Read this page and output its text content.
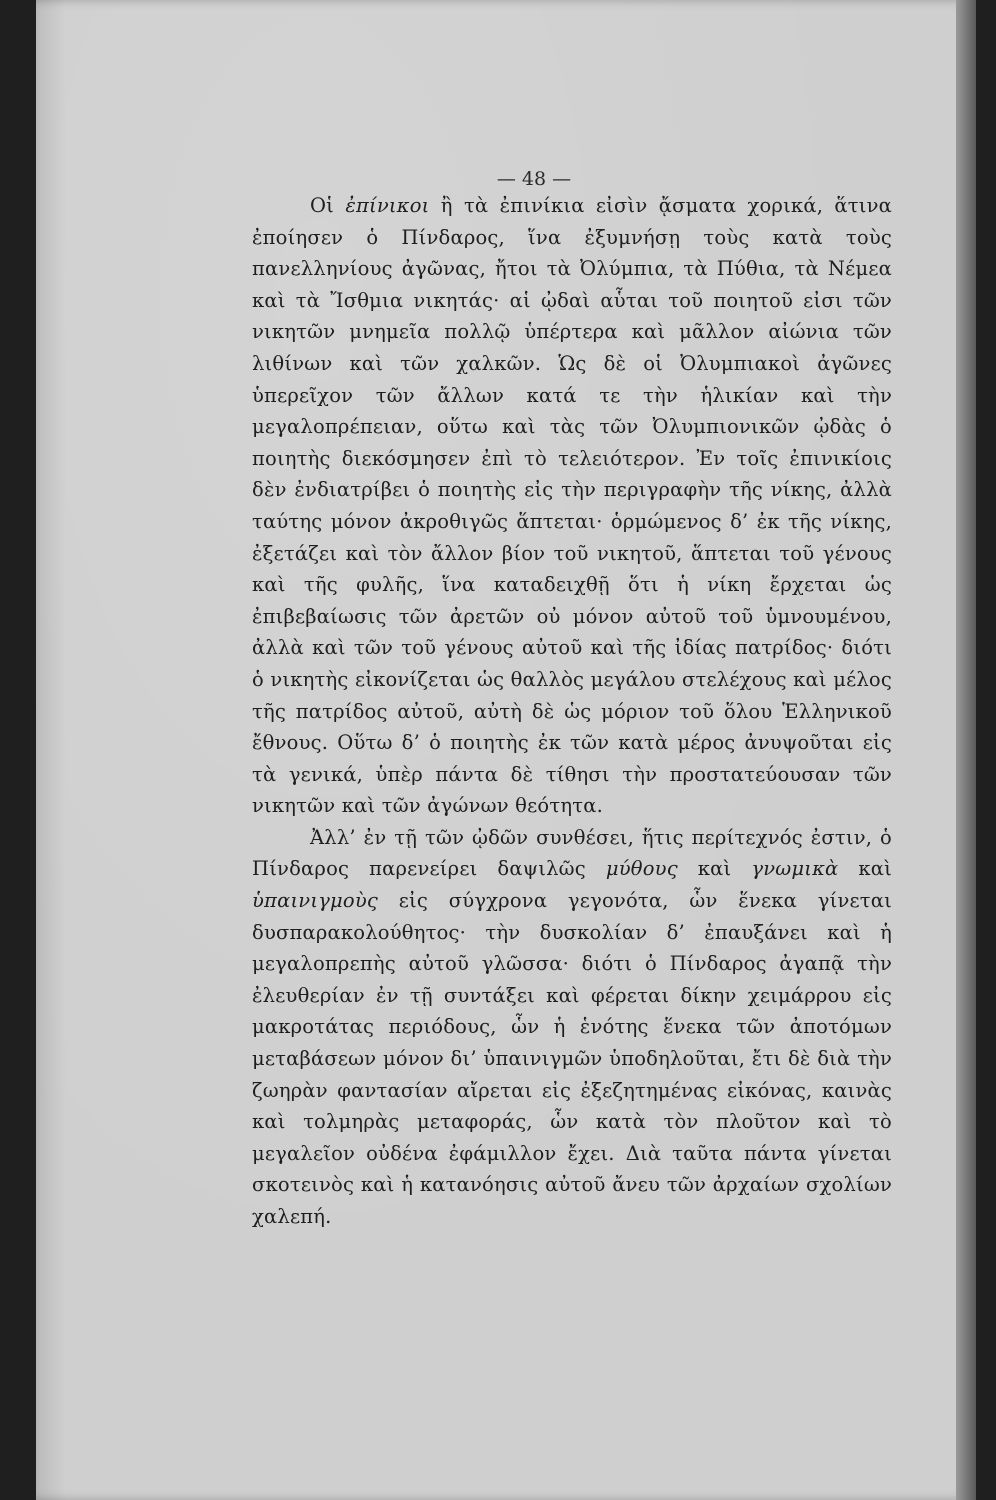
— 48 —

Οἱ ἐπίνικοι ἢ τὰ ἐπινίκια εἰσὶν ᾄσματα χορικά, ἅτινα ἐποίησεν ὁ Πίνδαρος, ἵνα ἐξυμνήσῃ τοὺς κατὰ τοὺς πανελληνίους ἀγῶνας, ἤτοι τὰ Ὀλύμπια, τὰ Πύθια, τὰ Νέμεα καὶ τὰ Ἴσθμια νικητάς· αἱ ᾠδαὶ αὗται τοῦ ποιητοῦ εἰσι τῶν νικητῶν μνημεῖα πολλῷ ὑπέρτερα καὶ μᾶλλον αἰώνια τῶν λιθίνων καὶ τῶν χαλκῶν. Ὡς δὲ οἱ Ὀλυμπιακοὶ ἀγῶνες ὑπερεῖχον τῶν ἄλλων κατά τε τὴν ἡλικίαν καὶ τὴν μεγαλοπρέπειαν, οὕτω καὶ τὰς τῶν Ὀλυμπιονικῶν ᾠδὰς ὁ ποιητὴς διεκόσμησεν ἐπὶ τὸ τελειότερον. Ἐν τοῖς ἐπινικίοις δὲν ἐνδιατρίβει ὁ ποιητὴς εἰς τὴν περιγραφὴν τῆς νίκης, ἀλλὰ ταύτης μόνον ἀκροθιγῶς ἅπτεται· ὁρμώμενος δ’ ἐκ τῆς νίκης, ἐξετάζει καὶ τὸν ἄλλον βίον τοῦ νικητοῦ, ἅπτεται τοῦ γένους καὶ τῆς φυλῆς, ἵνα καταδειχθῇ ὅτι ἡ νίκη ἔρχεται ὡς ἐπιβεβαίωσις τῶν ἀρετῶν οὐ μόνον αὐτοῦ τοῦ ὑμνουμένου, ἀλλὰ καὶ τῶν τοῦ γένους αὐτοῦ καὶ τῆς ἰδίας πατρίδος· διότι ὁ νικητὴς εἰκονίζεται ὡς θαλλὸς μεγάλου στελέχους καὶ μέλος τῆς πατρίδος αὐτοῦ, αὐτὴ δὲ ὡς μόριον τοῦ ὅλου Ἑλληνικοῦ ἔθνους. Οὕτω δ’ ὁ ποιητὴς ἐκ τῶν κατὰ μέρος ἀνυψοῦται εἰς τὰ γενικά, ὑπὲρ πάντα δὲ τίθησι τὴν προστατεύουσαν τῶν νικητῶν καὶ τῶν ἀγώνων θεότητα.

Ἀλλ’ ἐν τῇ τῶν ᾠδῶν συνθέσει, ἥτις περίτεχνός ἐστιν, ὁ Πίνδαρος παρενείρει δαψιλῶς μύθους καὶ γνωμικὰ καὶ ὑπαινιγμοὺς εἰς σύγχρονα γεγονότα, ὧν ἕνεκα γίνεται δυσπαρακολούθητος· τὴν δυσκολίαν δ’ ἐπαυξάνει καὶ ἡ μεγαλοπρεπὴς αὐτοῦ γλῶσσα· διότι ὁ Πίνδαρος ἀγαπᾷ τὴν ἐλευθερίαν ἐν τῇ συντάξει καὶ φέρεται δίκην χειμάρρου εἰς μακροτάτας περιόδους, ὧν ἡ ἑνότης ἕνεκα τῶν ἀποτόμων μεταβάσεων μόνον δι’ ὑπαινιγμῶν ὑποδηλοῦται, ἔτι δὲ διὰ τὴν ζωηρὰν φαντασίαν αἴρεται εἰς ἐξεζητημένας εἰκόνας, καινὰς καὶ τολμηρὰς μεταφοράς, ὧν κατὰ τὸν πλοῦτον καὶ τὸ μεγαλεῖον οὐδένα ἐφάμιλλον ἔχει. Διὰ ταῦτα πάντα γίνεται σκοτεινὸς καὶ ἡ κατανόησις αὐτοῦ ἄνευ τῶν ἀρχαίων σχολίων χαλεπή.
